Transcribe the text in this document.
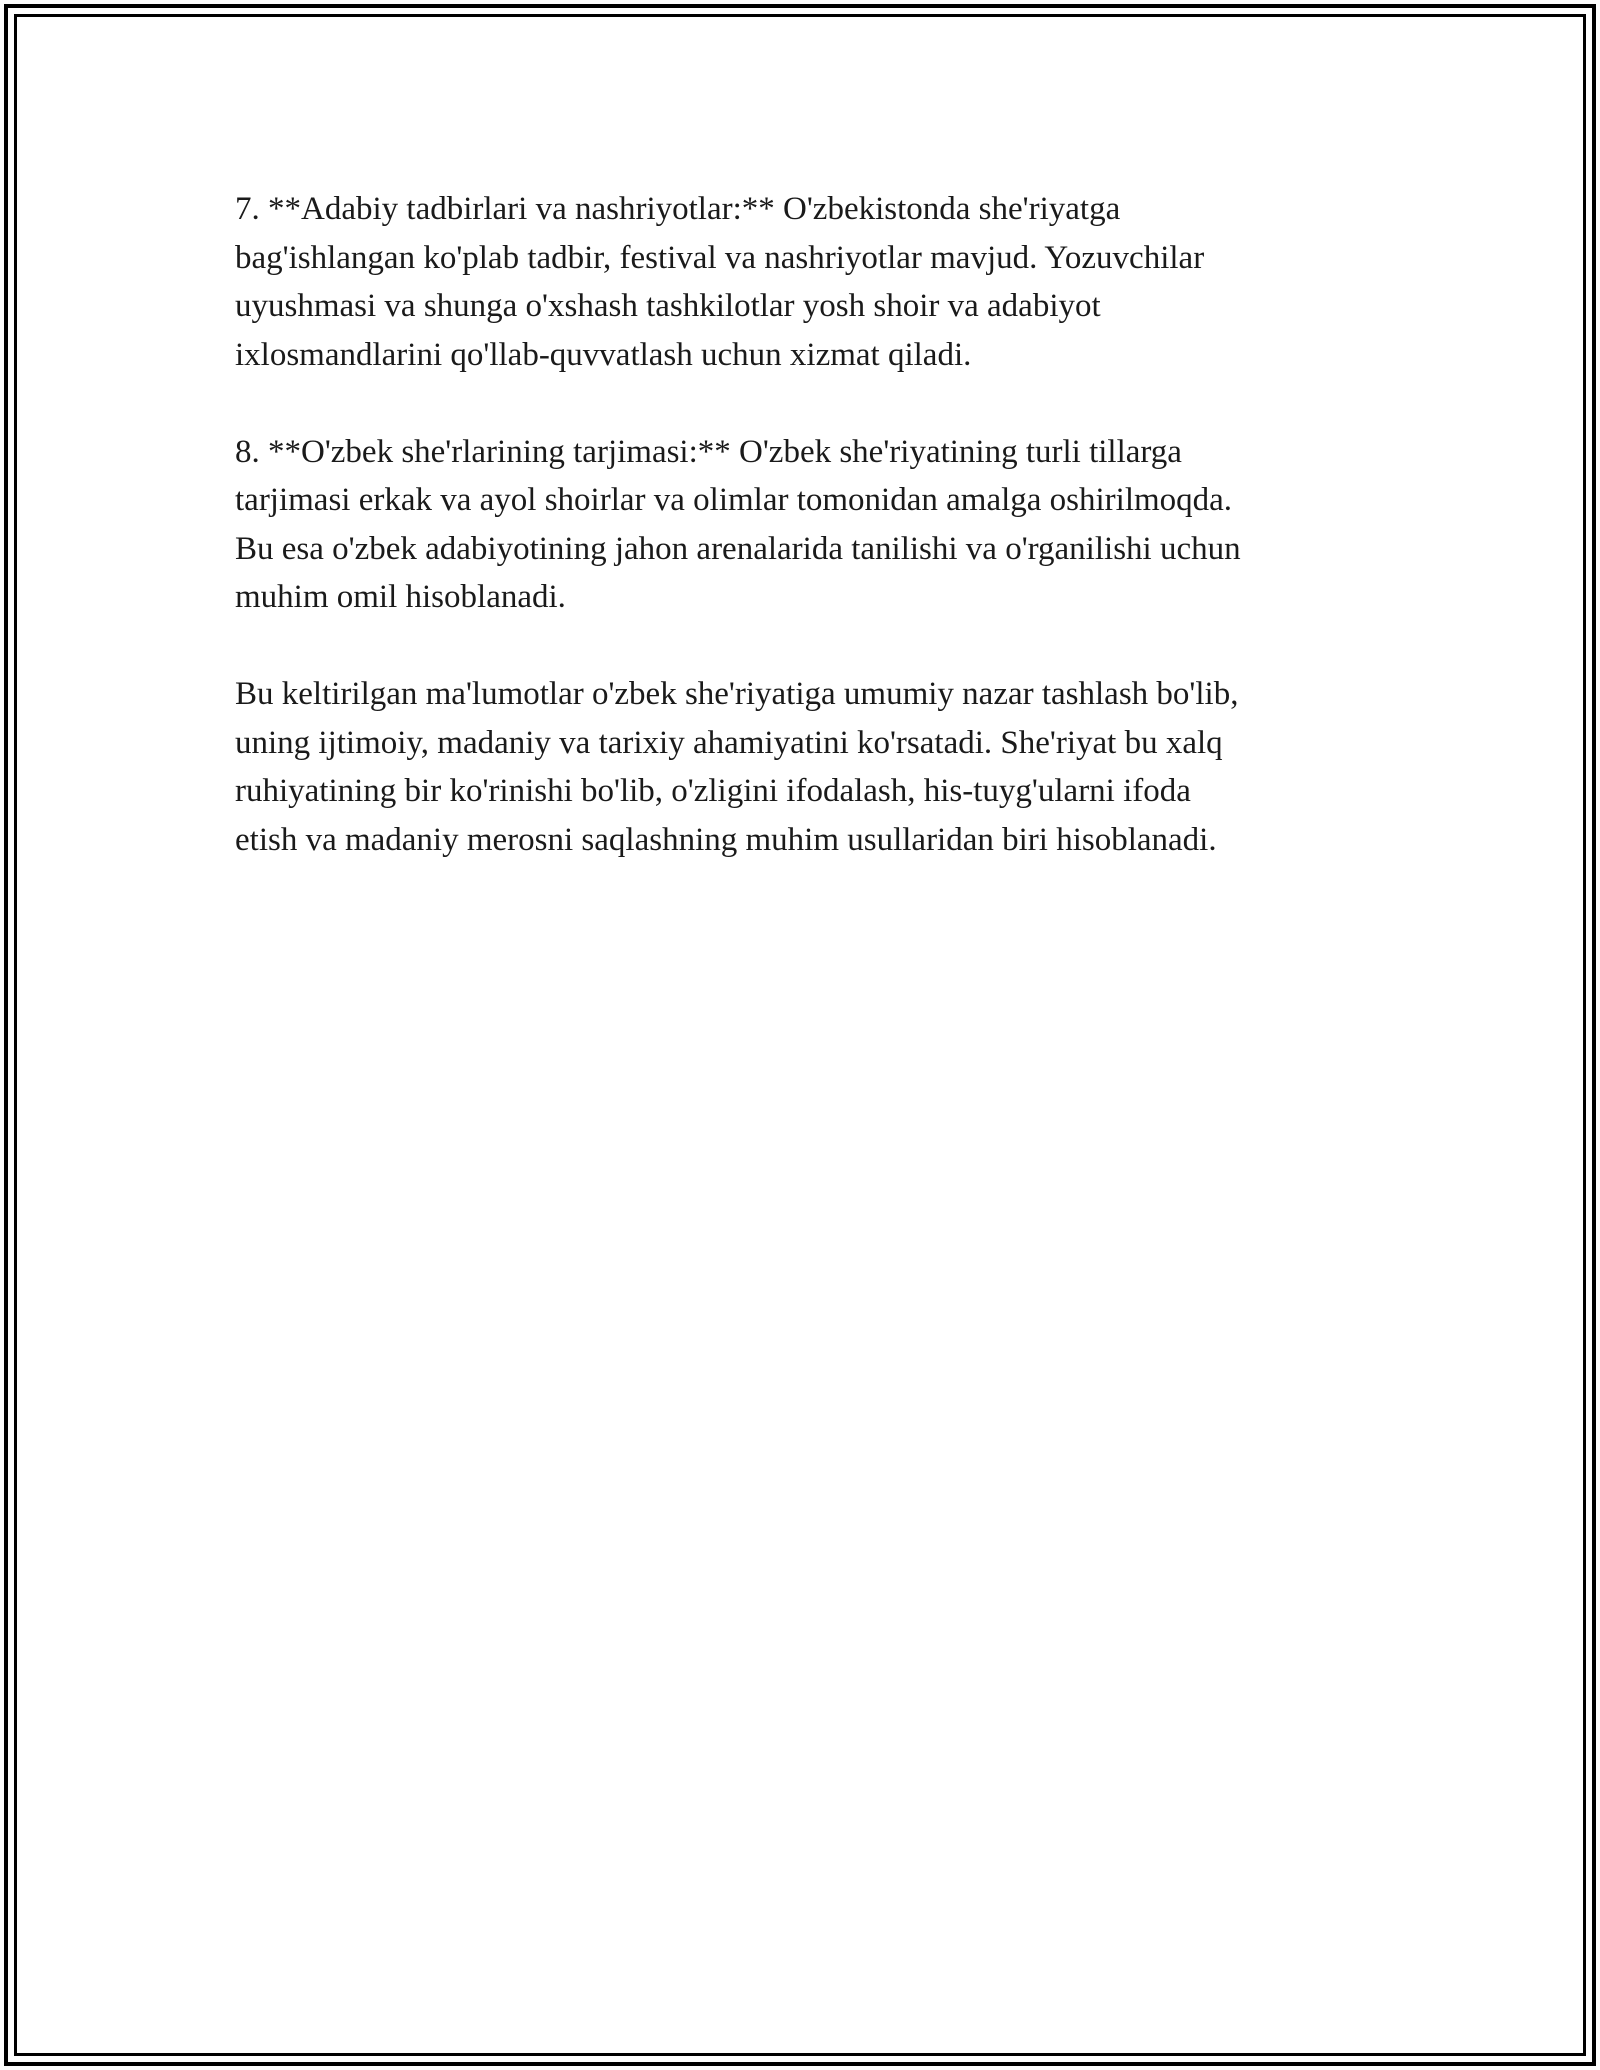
7. **Adabiy tadbirlari va nashriyotlar:** O'zbekistonda she'riyatga
bag'ishlangan ko'plab tadbir, festival va nashriyotlar mavjud. Yozuvchilar
uyushmasi va shunga o'xshash tashkilotlar yosh shoir va adabiyot
ixlosmandlarini qo'llab-quvvatlash uchun xizmat qiladi.

8. **O'zbek she'rlarining tarjimasi:** O'zbek she'riyatining turli tillarga
tarjimasi erkak va ayol shoirlar va olimlar tomonidan amalga oshirilmoqda.
Bu esa o'zbek adabiyotining jahon arenalarida tanilishi va o'rganilishi uchun
muhim omil hisoblanadi.

Bu keltirilgan ma'lumotlar o'zbek she'riyatiga umumiy nazar tashlash bo'lib,
uning ijtimoiy, madaniy va tarixiy ahamiyatini ko'rsatadi. She'riyat bu xalq
ruhiyatining bir ko'rinishi bo'lib, o'zligini ifodalash, his-tuyg'ularni ifoda
etish va madaniy merosni saqlashning muhim usullaridan biri hisoblanadi.
